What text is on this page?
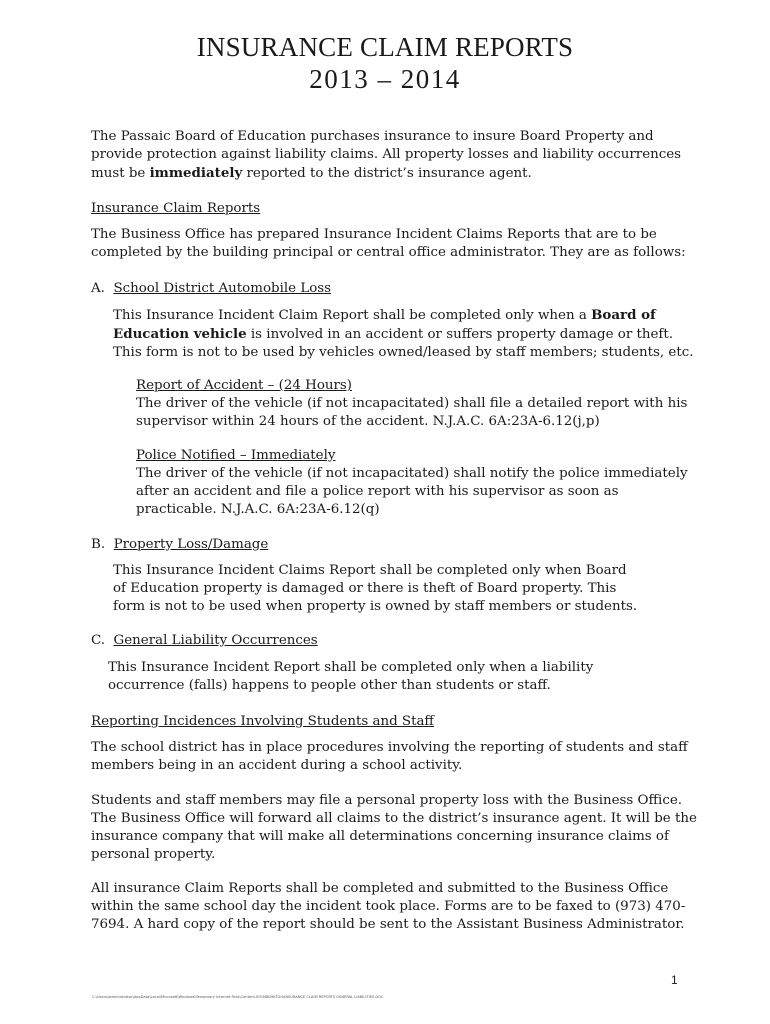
INSURANCE CLAIM REPORTS
2013 – 2014
The Passaic Board of Education purchases insurance to insure Board Property and
provide protection against liability claims. All property losses and liability occurrences
must be immediately reported to the district’s insurance agent.
Insurance Claim Reports
The Business Office has prepared Insurance Incident Claims Reports that are to be
completed by the building principal or central office administrator. They are as follows:
A. School District Automobile Loss
This Insurance Incident Claim Report shall be completed only when a Board of
Education vehicle is involved in an accident or suffers property damage or theft.
This form is not to be used by vehicles owned/leased by staff members; students, etc.
Report of Accident – (24 Hours)
The driver of the vehicle (if not incapacitated) shall file a detailed report with his
supervisor within 24 hours of the accident. N.J.A.C. 6A:23A-6.12(j,p)
Police Notified – Immediately
The driver of the vehicle (if not incapacitated) shall notify the police immediately
after an accident and file a police report with his supervisor as soon as
practicable. N.J.A.C. 6A:23A-6.12(q)
B. Property Loss/Damage
This Insurance Incident Claims Report shall be completed only when Board
of Education property is damaged or there is theft of Board property. This
form is not to be used when property is owned by staff members or students.
C. General Liability Occurrences
This Insurance Incident Report shall be completed only when a liability
occurrence (falls) happens to people other than students or staff.
Reporting Incidences Involving Students and Staff
The school district has in place procedures involving the reporting of students and staff
members being in an accident during a school activity.
Students and staff members may file a personal property loss with the Business Office.
The Business Office will forward all claims to the district’s insurance agent. It will be the
insurance company that will make all determinations concerning insurance claims of
personal property.
All insurance Claim Reports shall be completed and submitted to the Business Office
within the same school day the incident took place. Forms are to be faxed to (973) 470-
7694. A hard copy of the report should be sent to the Assistant Business Administrator.
1
C:\Users\administrator\AppData\Local\Microsoft\Windows\Temporary Internet Files\Content.IE5\M8D9KTGH\INSURANCE CLAIM REPORTS GENERAL LIABILITIES.DOC
